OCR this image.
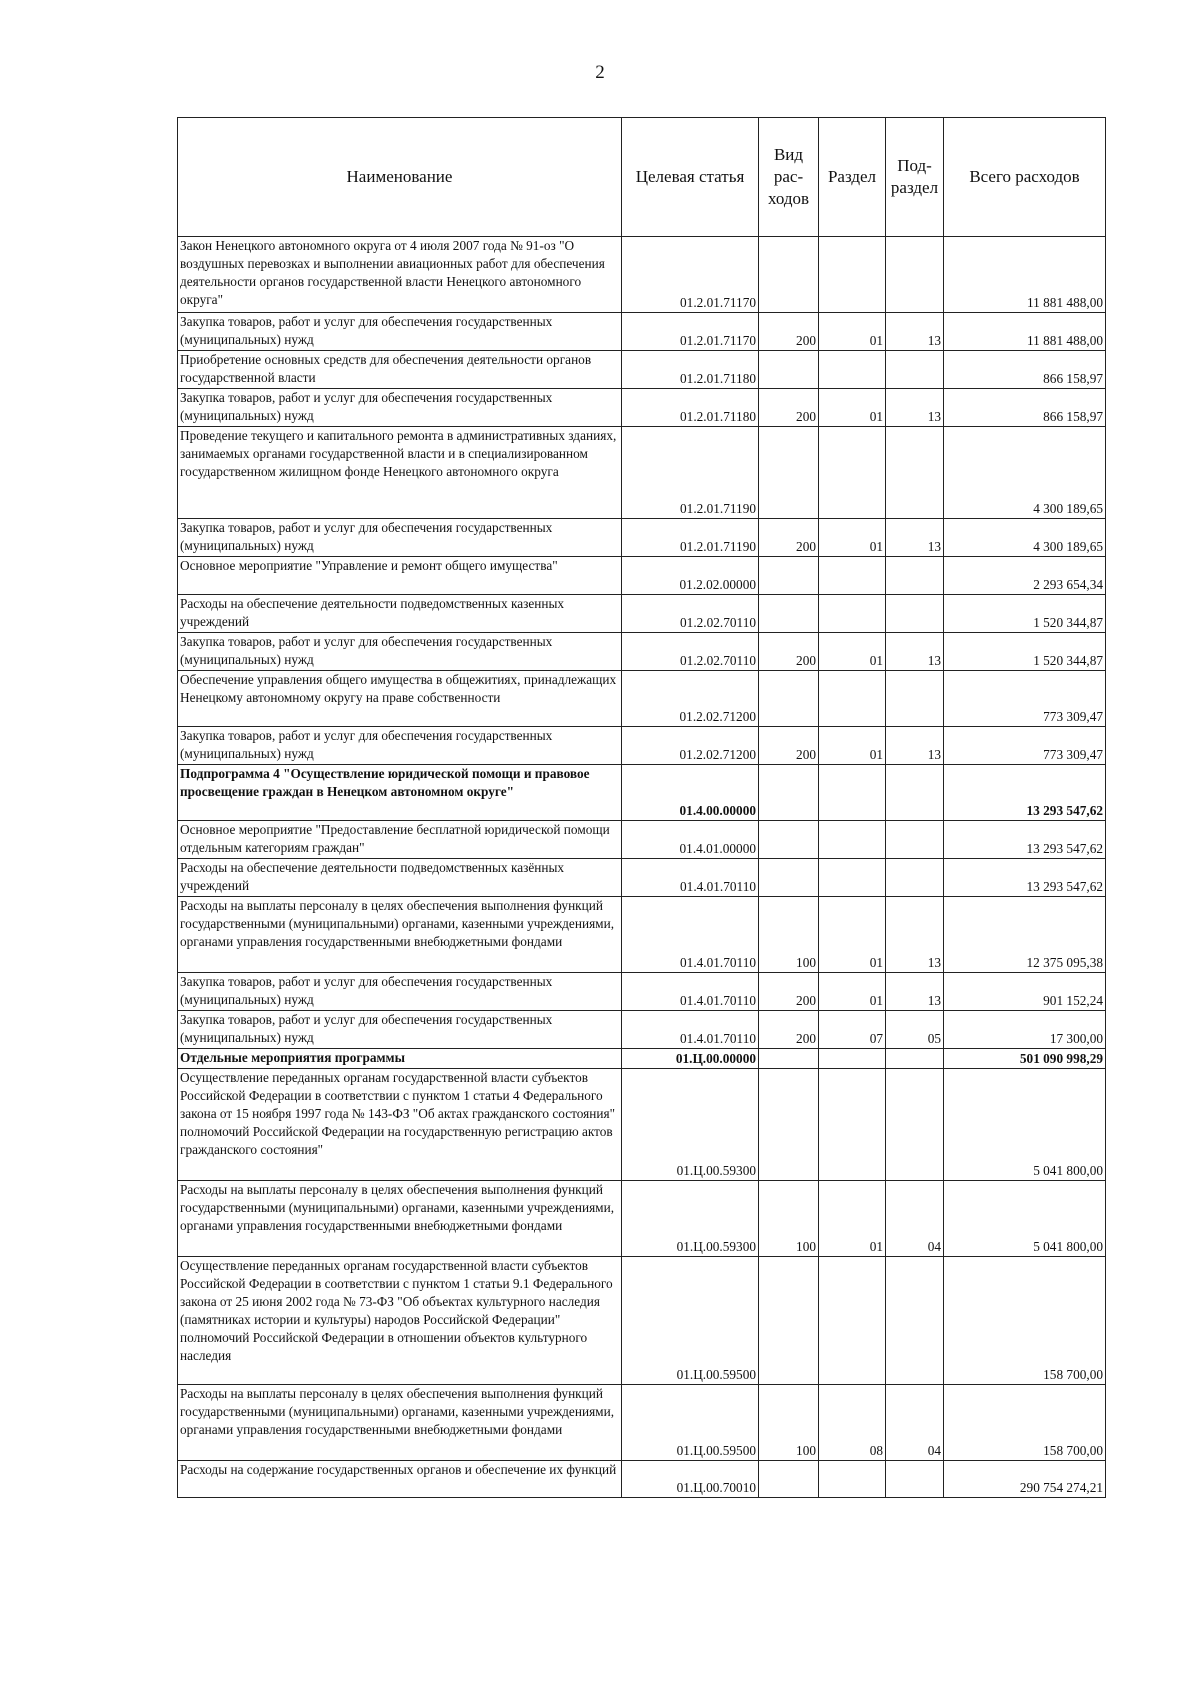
2
Наименование	Целевая статья	Вид рас-ходов	Раздел	Под-раздел	Всего расходов
Закон Ненецкого автономного округа от 4 июля 2007 года № 91-оз "О воздушных перевозках и выполнении авиационных работ для обеспечения деятельности органов государственной власти Ненецкого автономного округа"	01.2.01.71170				11 881 488,00
Закупка товаров, работ и услуг для обеспечения государственных (муниципальных) нужд	01.2.01.71170	200	01	13	11 881 488,00
Приобретение основных средств для обеспечения деятельности органов государственной власти	01.2.01.71180				866 158,97
Закупка товаров, работ и услуг для обеспечения государственных (муниципальных) нужд	01.2.01.71180	200	01	13	866 158,97
Проведение текущего и капитального ремонта в административных зданиях, занимаемых органами государственной власти и в специализированном государственном жилищном фонде Ненецкого автономного округа	01.2.01.71190				4 300 189,65
Закупка товаров, работ и услуг для обеспечения государственных (муниципальных) нужд	01.2.01.71190	200	01	13	4 300 189,65
Основное мероприятие "Управление и ремонт общего имущества"	01.2.02.00000				2 293 654,34
Расходы на обеспечение деятельности подведомственных казенных учреждений	01.2.02.70110				1 520 344,87
Закупка товаров, работ и услуг для обеспечения государственных (муниципальных) нужд	01.2.02.70110	200	01	13	1 520 344,87
Обеспечение управления общего имущества в общежитиях, принадлежащих Ненецкому автономному округу на праве собственности	01.2.02.71200				773 309,47
Закупка товаров, работ и услуг для обеспечения государственных (муниципальных) нужд	01.2.02.71200	200	01	13	773 309,47
Подпрограмма 4 "Осуществление юридической помощи и правовое просвещение граждан в Ненецком автономном округе"	01.4.00.00000				13 293 547,62
Основное мероприятие "Предоставление бесплатной юридической помощи отдельным категориям граждан"	01.4.01.00000				13 293 547,62
Расходы на обеспечение деятельности подведомственных казённых учреждений	01.4.01.70110				13 293 547,62
Расходы на выплаты персоналу в целях обеспечения выполнения функций государственными (муниципальными) органами, казенными учреждениями, органами управления государственными внебюджетными фондами	01.4.01.70110	100	01	13	12 375 095,38
Закупка товаров, работ и услуг для обеспечения государственных (муниципальных) нужд	01.4.01.70110	200	01	13	901 152,24
Закупка товаров, работ и услуг для обеспечения государственных (муниципальных) нужд	01.4.01.70110	200	07	05	17 300,00
Отдельные мероприятия программы	01.Ц.00.00000				501 090 998,29
Осуществление переданных органам государственной власти субъектов Российской Федерации в соответствии с пунктом 1 статьи 4 Федерального закона от 15 ноября 1997 года № 143-ФЗ "Об актах гражданского состояния" полномочий Российской Федерации на государственную регистрацию актов гражданского состояния"	01.Ц.00.59300				5 041 800,00
Расходы на выплаты персоналу в целях обеспечения выполнения функций государственными (муниципальными) органами, казенными учреждениями, органами управления государственными внебюджетными фондами	01.Ц.00.59300	100	01	04	5 041 800,00
Осуществление переданных органам государственной власти субъектов Российской Федерации в соответствии с пунктом 1 статьи 9.1 Федерального закона от 25 июня 2002 года № 73-ФЗ "Об объектах культурного наследия (памятниках истории и культуры) народов Российской Федерации" полномочий Российской Федерации в отношении объектов культурного наследия	01.Ц.00.59500				158 700,00
Расходы на выплаты персоналу в целях обеспечения выполнения функций государственными (муниципальными) органами, казенными учреждениями, органами управления государственными внебюджетными фондами	01.Ц.00.59500	100	08	04	158 700,00
Расходы на содержание государственных органов и обеспечение их функций	01.Ц.00.70010				290 754 274,21
